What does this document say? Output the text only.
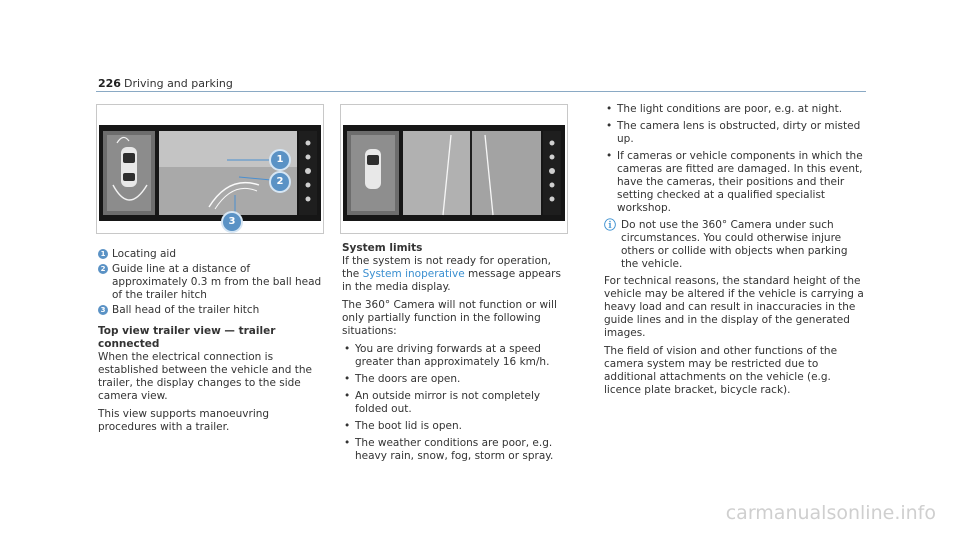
226 Driving and parking
1
2
3
1 Locating aid
2 Guide line at a distance of approximately 0.3 m from the ball head of the trailer hitch
3 Ball head of the trailer hitch
Top view trailer view — trailer connected

When the electrical connection is established between the vehicle and the trailer, the display changes to the side camera view.

This view supports manoeuvring procedures with a trailer.

System limits

If the system is not ready for operation, the System inoperative message appears in the media display.

The 360° Camera will not function or will only partially function in the following situations:

• You are driving forwards at a speed greater than approximately 16 km/h.
• The doors are open.
• An outside mirror is not completely folded out.
• The boot lid is open.
• The weather conditions are poor, e.g. heavy rain, snow, fog, storm or spray.
• The light conditions are poor, e.g. at night.
• The camera lens is obstructed, dirty or misted up.
• If cameras or vehicle components in which the cameras are fitted are damaged. In this event, have the cameras, their positions and their setting checked at a qualified specialist workshop.
ⓘ Do not use the 360° Camera under such circumstances. You could otherwise injure others or collide with objects when parking the vehicle.

For technical reasons, the standard height of the vehicle may be altered if the vehicle is carrying a heavy load and can result in inaccuracies in the guide lines and in the display of the generated images.

The field of vision and other functions of the camera system may be restricted due to additional attachments on the vehicle (e.g. licence plate bracket, bicycle rack).

carmanualsonline.info
